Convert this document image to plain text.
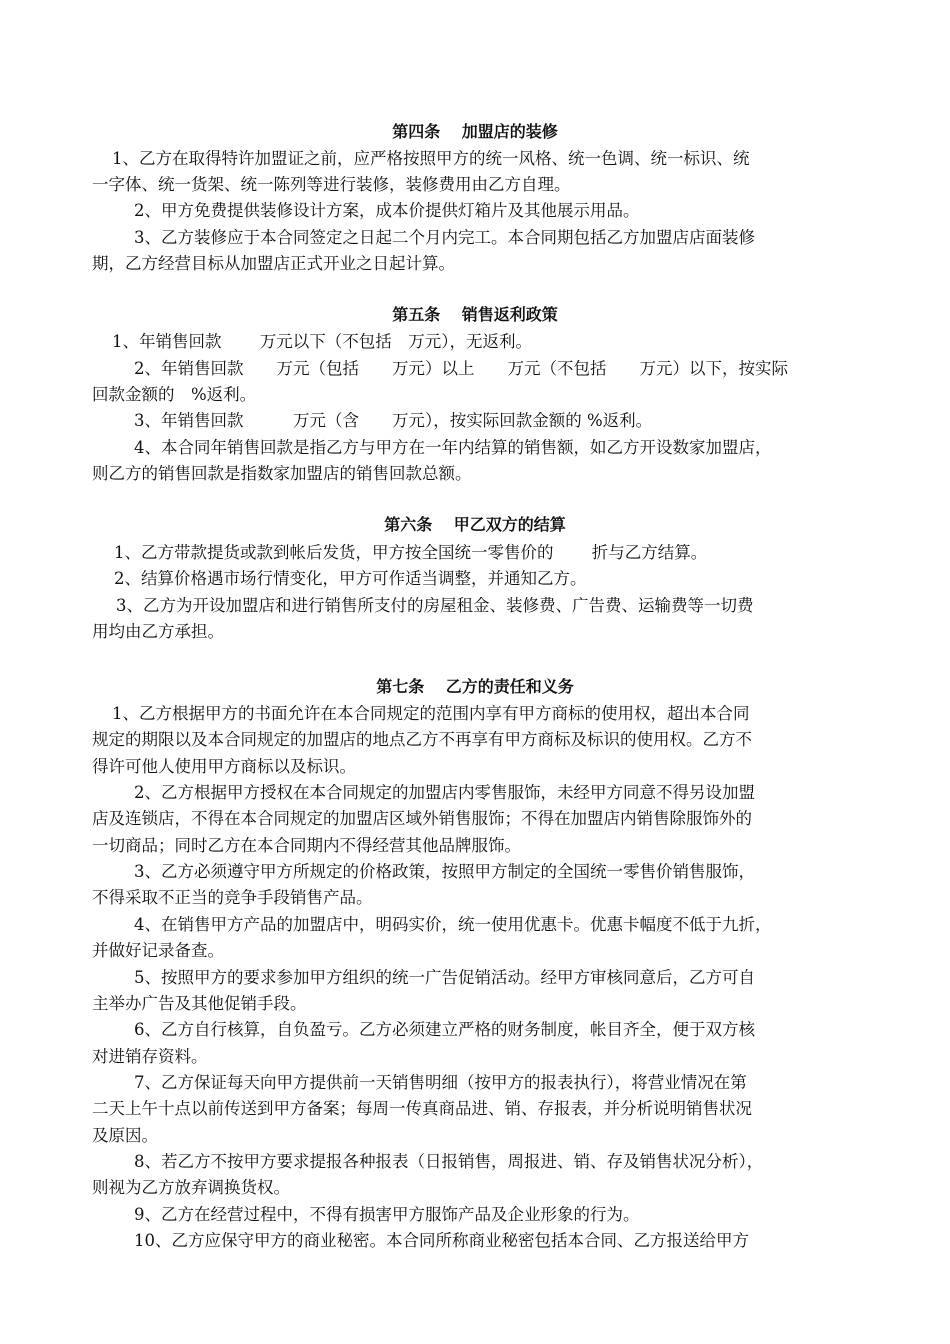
第四条　 加盟店的装修
1、乙方在取得特许加盟证之前，应严格按照甲方的统一风格、统一色调、统一标识、统
一字体、统一货架、统一陈列等进行装修，装修费用由乙方自理。
2、甲方免费提供装修设计方案，成本价提供灯箱片及其他展示用品。
3、乙方装修应于本合同签定之日起二个月内完工。本合同期包括乙方加盟店店面装修
期，乙方经营目标从加盟店正式开业之日起计算。
第五条　 销售返利政策
1、年销售回款　　 万元以下（不包括　万元），无返利。
2、年销售回款　　万元（包括　　万元）以上　　万元（不包括　　万元）以下，按实际
回款金额的　%返利。
3、年销售回款　　　万元（含　　万元），按实际回款金额的 %返利。
4、本合同年销售回款是指乙方与甲方在一年内结算的销售额，如乙方开设数家加盟店，
则乙方的销售回款是指数家加盟店的销售回款总额。
第六条　 甲乙双方的结算
1、乙方带款提货或款到帐后发货，甲方按全国统一零售价的　　 折与乙方结算。
2、结算价格遇市场行情变化，甲方可作适当调整，并通知乙方。
3、乙方为开设加盟店和进行销售所支付的房屋租金、装修费、广告费、运输费等一切费
用均由乙方承担。
第七条　 乙方的责任和义务
1、乙方根据甲方的书面允许在本合同规定的范围内享有甲方商标的使用权，超出本合同
规定的期限以及本合同规定的加盟店的地点乙方不再享有甲方商标及标识的使用权。乙方不
得许可他人使用甲方商标以及标识。
2、乙方根据甲方授权在本合同规定的加盟店内零售服饰，未经甲方同意不得另设加盟
店及连锁店，不得在本合同规定的加盟店区域外销售服饰；不得在加盟店内销售除服饰外的
一切商品；同时乙方在本合同期内不得经营其他品牌服饰。
3、乙方必须遵守甲方所规定的价格政策，按照甲方制定的全国统一零售价销售服饰，
不得采取不正当的竞争手段销售产品。
4、在销售甲方产品的加盟店中，明码实价，统一使用优惠卡。优惠卡幅度不低于九折，
并做好记录备查。
5、按照甲方的要求参加甲方组织的统一广告促销活动。经甲方审核同意后，乙方可自
主举办广告及其他促销手段。
6、乙方自行核算，自负盈亏。乙方必须建立严格的财务制度，帐目齐全，便于双方核
对进销存资料。
7、乙方保证每天向甲方提供前一天销售明细（按甲方的报表执行），将营业情况在第
二天上午十点以前传送到甲方备案；每周一传真商品进、销、存报表，并分析说明销售状况
及原因。
8、若乙方不按甲方要求提报各种报表（日报销售，周报进、销、存及销售状况分析），
则视为乙方放弃调换货权。
9、乙方在经营过程中，不得有损害甲方服饰产品及企业形象的行为。
10、乙方应保守甲方的商业秘密。本合同所称商业秘密包括本合同、乙方报送给甲方
